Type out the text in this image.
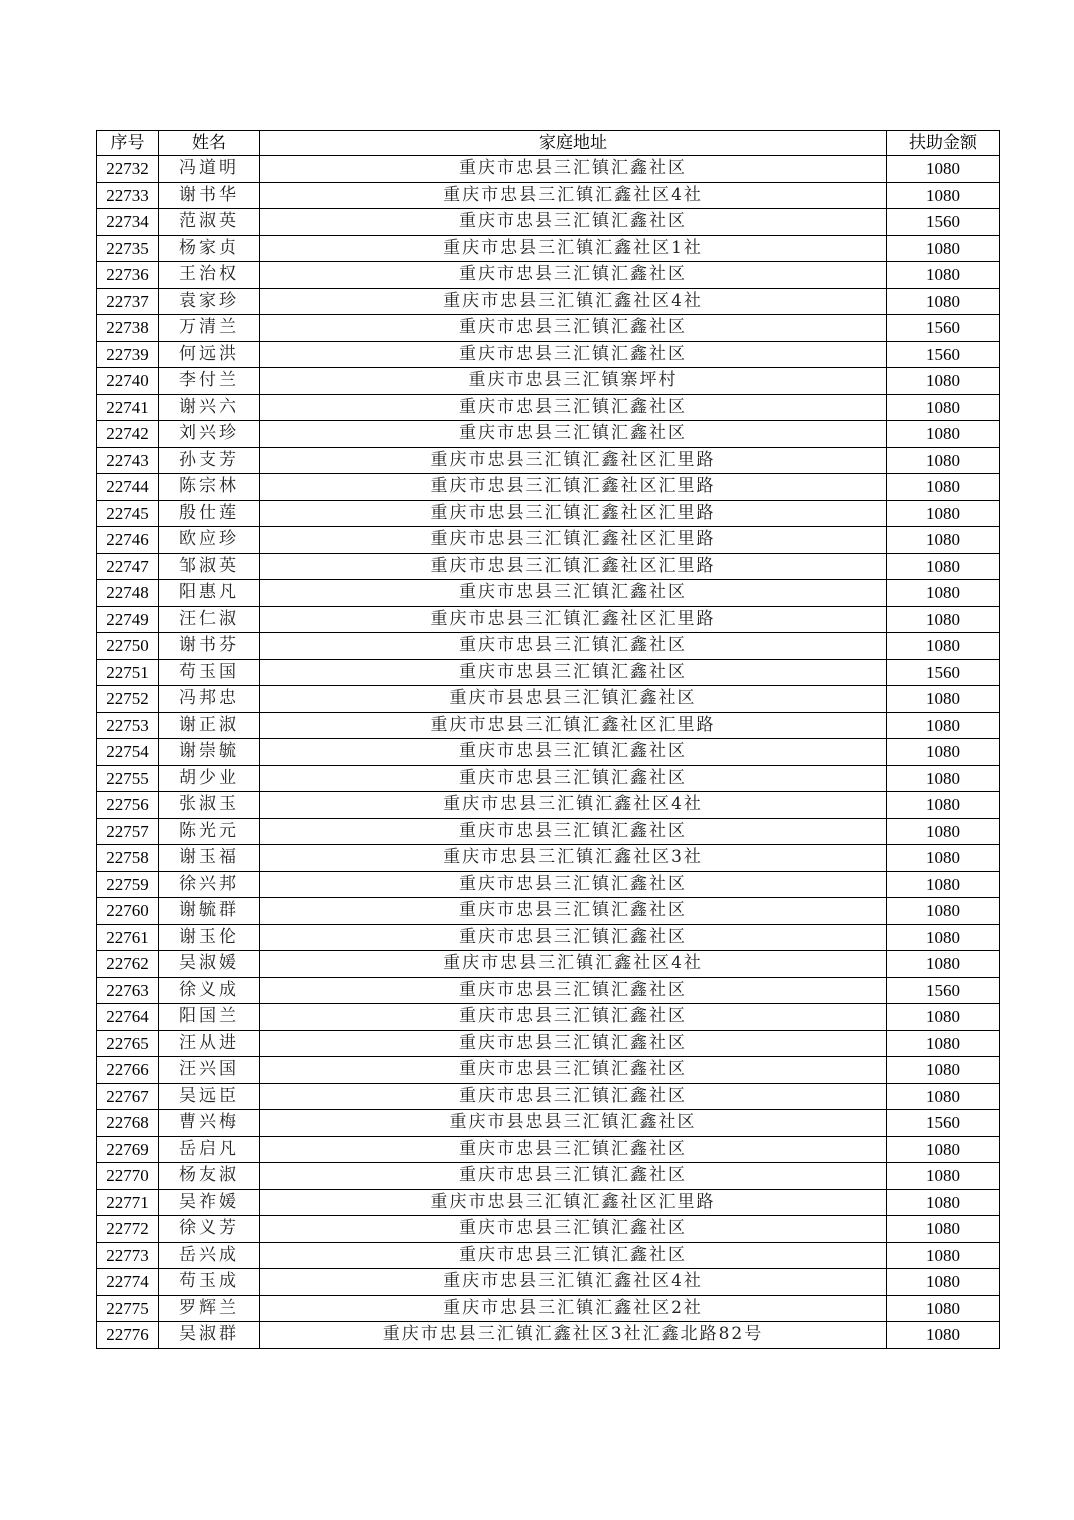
序号	姓名	家庭地址	扶助金额
22732	冯道明	重庆市忠县三汇镇汇鑫社区	1080
22733	谢书华	重庆市忠县三汇镇汇鑫社区4社	1080
22734	范淑英	重庆市忠县三汇镇汇鑫社区	1560
22735	杨家贞	重庆市忠县三汇镇汇鑫社区1社	1080
22736	王治权	重庆市忠县三汇镇汇鑫社区	1080
22737	袁家珍	重庆市忠县三汇镇汇鑫社区4社	1080
22738	万清兰	重庆市忠县三汇镇汇鑫社区	1560
22739	何远洪	重庆市忠县三汇镇汇鑫社区	1560
22740	李付兰	重庆市忠县三汇镇寨坪村	1080
22741	谢兴六	重庆市忠县三汇镇汇鑫社区	1080
22742	刘兴珍	重庆市忠县三汇镇汇鑫社区	1080
22743	孙支芳	重庆市忠县三汇镇汇鑫社区汇里路	1080
22744	陈宗林	重庆市忠县三汇镇汇鑫社区汇里路	1080
22745	殷仕莲	重庆市忠县三汇镇汇鑫社区汇里路	1080
22746	欧应珍	重庆市忠县三汇镇汇鑫社区汇里路	1080
22747	邹淑英	重庆市忠县三汇镇汇鑫社区汇里路	1080
22748	阳惠凡	重庆市忠县三汇镇汇鑫社区	1080
22749	汪仁淑	重庆市忠县三汇镇汇鑫社区汇里路	1080
22750	谢书芬	重庆市忠县三汇镇汇鑫社区	1080
22751	苟玉国	重庆市忠县三汇镇汇鑫社区	1560
22752	冯邦忠	重庆市县忠县三汇镇汇鑫社区	1080
22753	谢正淑	重庆市忠县三汇镇汇鑫社区汇里路	1080
22754	谢崇毓	重庆市忠县三汇镇汇鑫社区	1080
22755	胡少业	重庆市忠县三汇镇汇鑫社区	1080
22756	张淑玉	重庆市忠县三汇镇汇鑫社区4社	1080
22757	陈光元	重庆市忠县三汇镇汇鑫社区	1080
22758	谢玉福	重庆市忠县三汇镇汇鑫社区3社	1080
22759	徐兴邦	重庆市忠县三汇镇汇鑫社区	1080
22760	谢毓群	重庆市忠县三汇镇汇鑫社区	1080
22761	谢玉伦	重庆市忠县三汇镇汇鑫社区	1080
22762	吴淑媛	重庆市忠县三汇镇汇鑫社区4社	1080
22763	徐义成	重庆市忠县三汇镇汇鑫社区	1560
22764	阳国兰	重庆市忠县三汇镇汇鑫社区	1080
22765	汪从进	重庆市忠县三汇镇汇鑫社区	1080
22766	汪兴国	重庆市忠县三汇镇汇鑫社区	1080
22767	吴远臣	重庆市忠县三汇镇汇鑫社区	1080
22768	曹兴梅	重庆市县忠县三汇镇汇鑫社区	1560
22769	岳启凡	重庆市忠县三汇镇汇鑫社区	1080
22770	杨友淑	重庆市忠县三汇镇汇鑫社区	1080
22771	吴祚媛	重庆市忠县三汇镇汇鑫社区汇里路	1080
22772	徐义芳	重庆市忠县三汇镇汇鑫社区	1080
22773	岳兴成	重庆市忠县三汇镇汇鑫社区	1080
22774	苟玉成	重庆市忠县三汇镇汇鑫社区4社	1080
22775	罗辉兰	重庆市忠县三汇镇汇鑫社区2社	1080
22776	吴淑群	重庆市忠县三汇镇汇鑫社区3社汇鑫北路82号	1080
